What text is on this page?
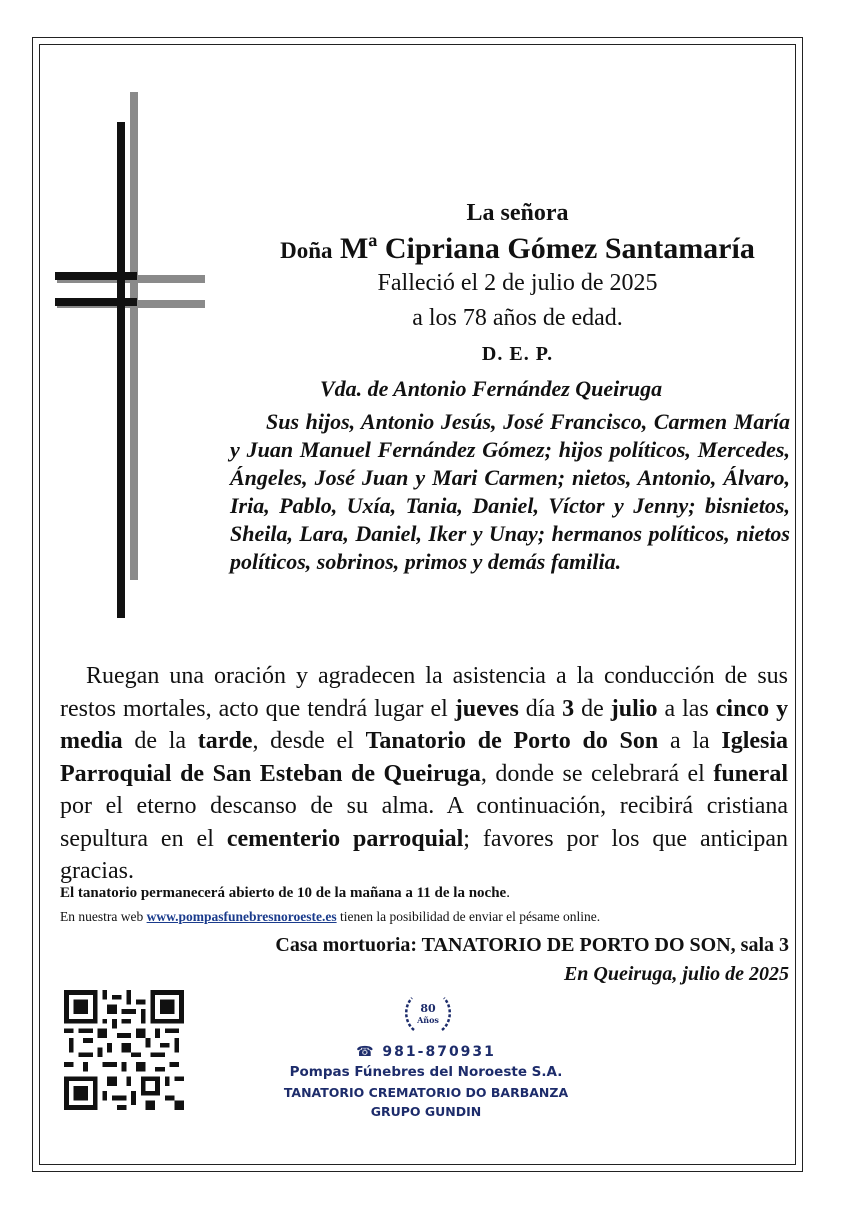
La señora
Doña Mª Cipriana Gómez Santamaría
Falleció el 2 de julio de 2025
a los 78 años de edad.
D. E. P.
Vda. de Antonio Fernández Queiruga
Sus hijos, Antonio Jesús, José Francisco, Carmen María y Juan Manuel Fernández Gómez; hijos políticos, Mercedes, Ángeles, José Juan y Mari Carmen; nietos, Antonio, Álvaro, Iria, Pablo, Uxía, Tania, Daniel, Víctor y Jenny; bisnietos, Sheila, Lara, Daniel, Iker y Unay; hermanos políticos, nietos políticos, sobrinos, primos y demás familia.
Ruegan una oración y agradecen la asistencia a la conducción de sus restos mortales, acto que tendrá lugar el jueves día 3 de julio a las cinco y media de la tarde, desde el Tanatorio de Porto do Son a la Iglesia Parroquial de San Esteban de Queiruga, donde se celebrará el funeral por el eterno descanso de su alma. A continuación, recibirá cristiana sepultura en el cementerio parroquial; favores por los que anticipan gracias.
El tanatorio permanecerá abierto de 10 de la mañana a 11 de la noche.
En nuestra web www.pompasfunebresnoroeste.es tienen la posibilidad de enviar el pésame online.
Casa mortuoria: TANATORIO DE PORTO DO SON, sala 3
En Queiruga, julio de 2025
80
Años
☎ 981-870931
Pompas Fúnebres del Noroeste S.A.
TANATORIO CREMATORIO DO BARBANZA
GRUPO GUNDIN
